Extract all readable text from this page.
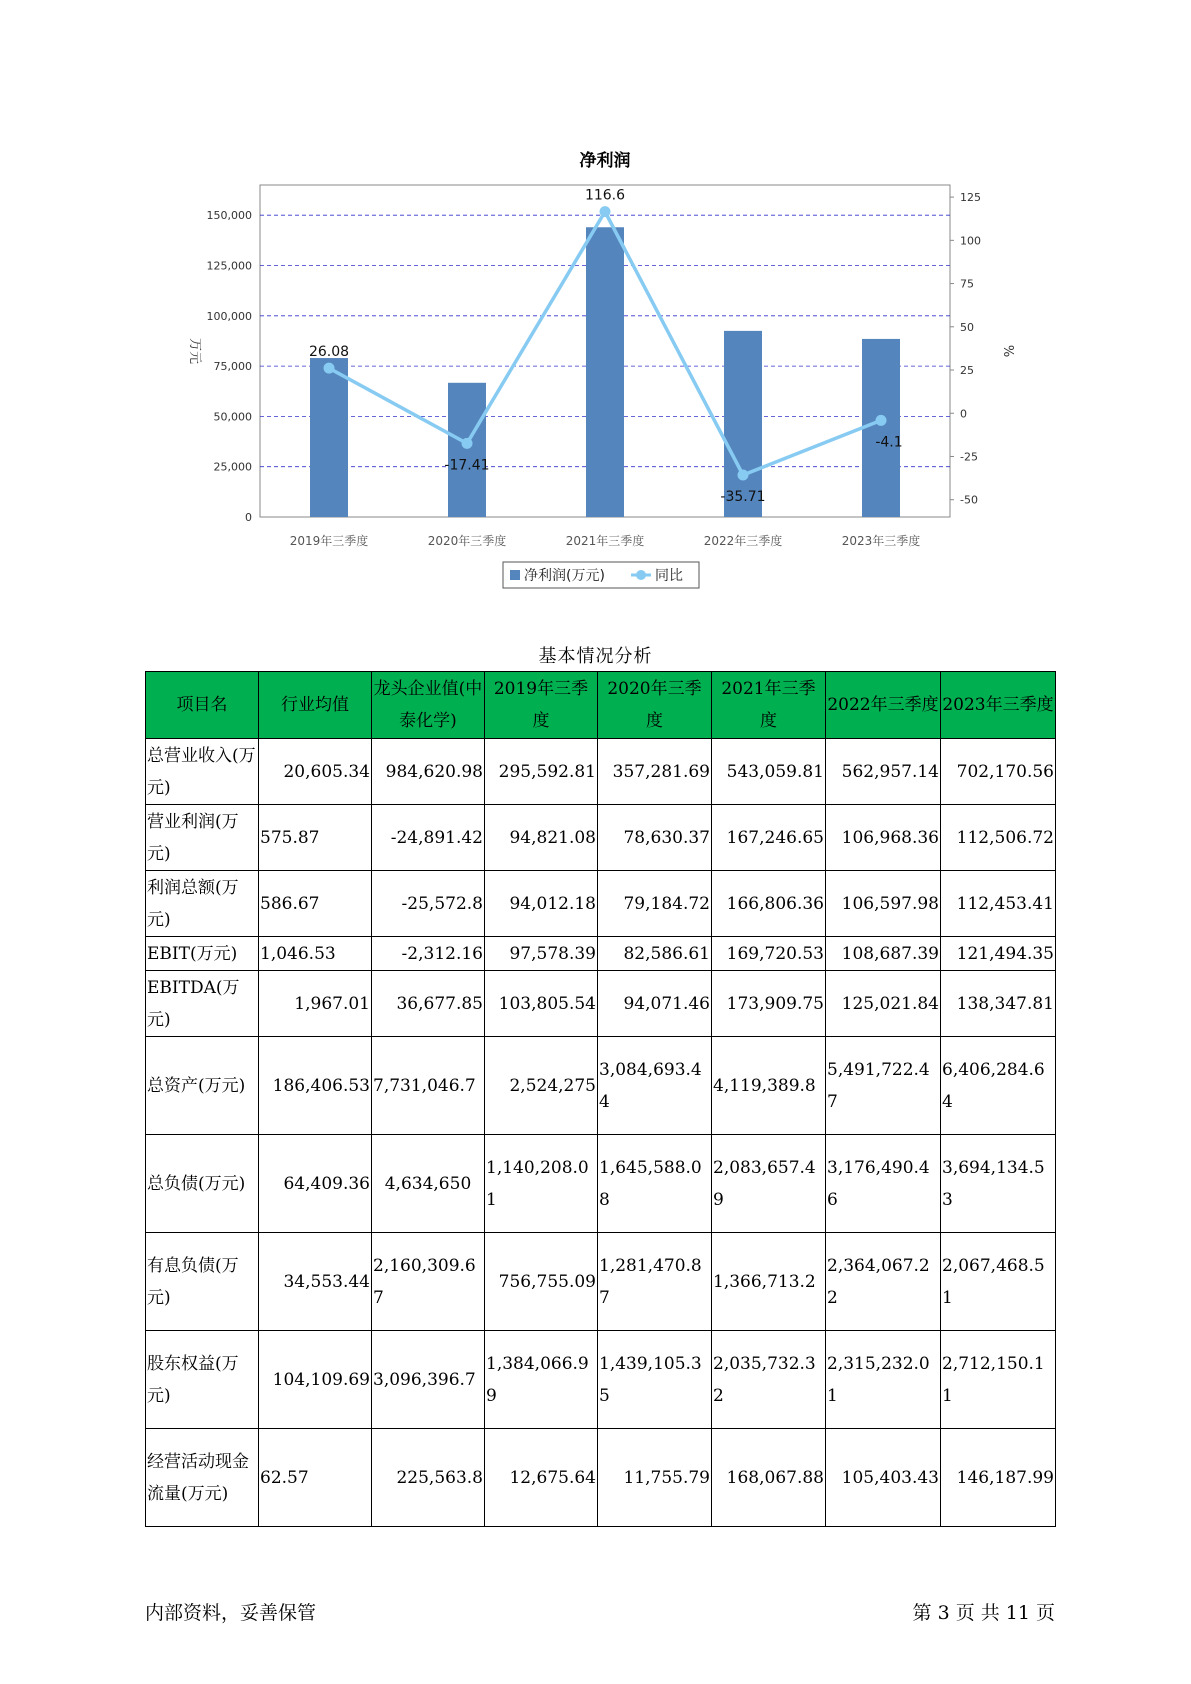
净利润
0
25,000
50,000
75,000
100,000
125,000
150,000
-50
-25
0
25
50
75
100
125
万元	%
2019年三季度	2020年三季度	2021年三季度	2022年三季度	2023年三季度
26.08
-17.41
116.6
-35.71
-4.1
净利润(万元)	同比
基本情况分析
项目名	行业均值	龙头企业值(中泰化学)	2019年三季度	2020年三季度	2021年三季度	2022年三季度	2023年三季度
总营业收入(万元)	20,605.34	984,620.98	295,592.81	357,281.69	543,059.81	562,957.14	702,170.56
营业利润(万元)	575.87	-24,891.42	94,821.08	78,630.37	167,246.65	106,968.36	112,506.72
利润总额(万元)	586.67	-25,572.8	94,012.18	79,184.72	166,806.36	106,597.98	112,453.41
EBIT(万元)	1,046.53	-2,312.16	97,578.39	82,586.61	169,720.53	108,687.39	121,494.35
EBITDA(万元)	1,967.01	36,677.85	103,805.54	94,071.46	173,909.75	125,021.84	138,347.81
总资产(万元)	186,406.53	7,731,046.7	2,524,275	3,084,693.44	4,119,389.8	5,491,722.47	6,406,284.64
总负债(万元)	64,409.36	4,634,650	1,140,208.01	1,645,588.08	2,083,657.49	3,176,490.46	3,694,134.53
有息负债(万元)	34,553.44	2,160,309.67	756,755.09	1,281,470.87	1,366,713.2	2,364,067.22	2,067,468.51
股东权益(万元)	104,109.69	3,096,396.7	1,384,066.99	1,439,105.35	2,035,732.32	2,315,232.01	2,712,150.11
经营活动现金流量(万元)	62.57	225,563.8	12,675.64	11,755.79	168,067.88	105,403.43	146,187.99
内部资料，妥善保管	第 3 页 共 11 页
